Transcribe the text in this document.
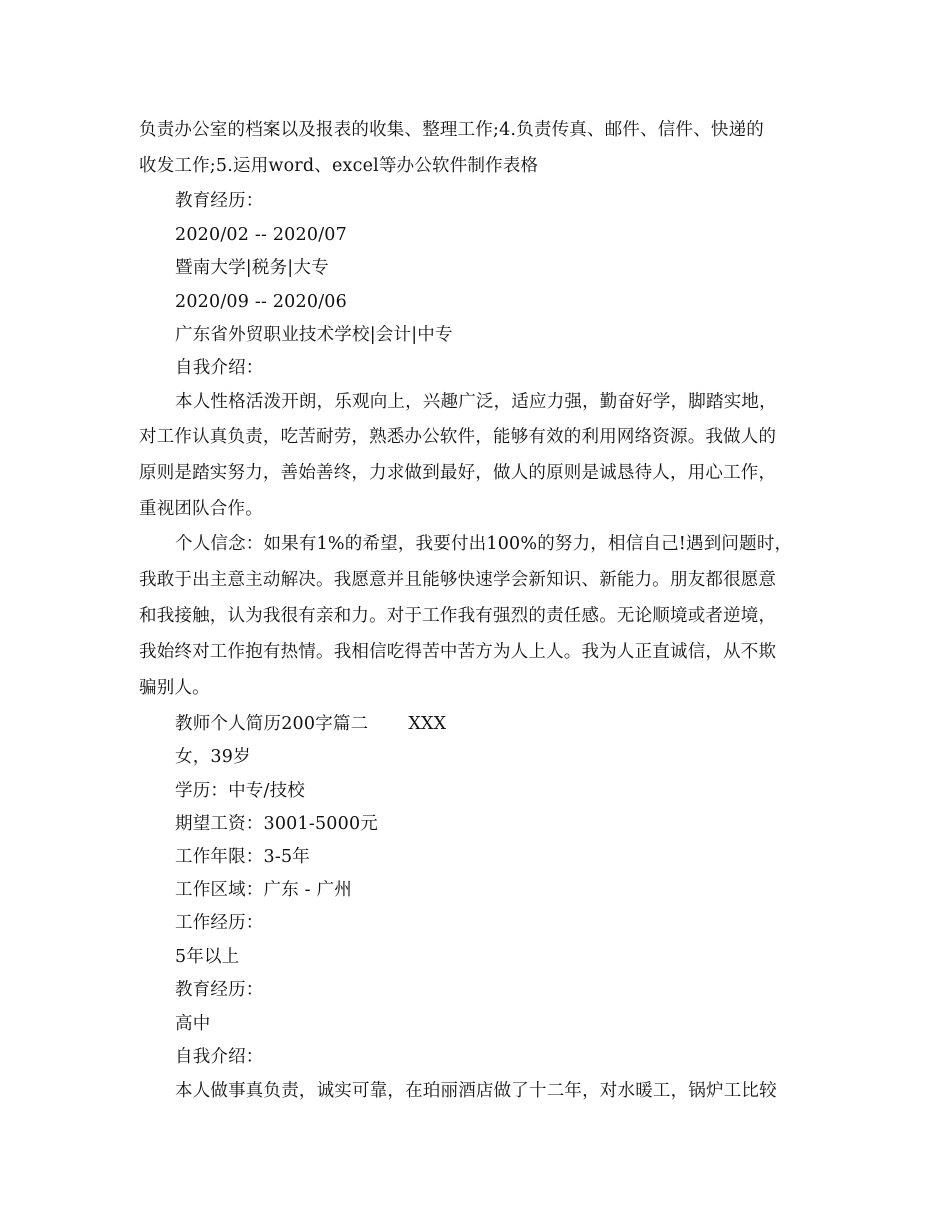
负责办公室的档案以及报表的收集、整理工作;4.负责传真、邮件、信件、快递的
收发工作;5.运用word、excel等办公软件制作表格
教育经历：
2020/02 -- 2020/07
暨南大学|税务|大专
2020/09 -- 2020/06
广东省外贸职业技术学校|会计|中专
自我介绍：
本人性格活泼开朗，乐观向上，兴趣广泛，适应力强，勤奋好学，脚踏实地，
对工作认真负责，吃苦耐劳，熟悉办公软件，能够有效的利用网络资源。我做人的
原则是踏实努力，善始善终，力求做到最好，做人的原则是诚恳待人，用心工作，
重视团队合作。
个人信念：如果有1%的希望，我要付出100%的努力，相信自己!遇到问题时，
我敢于出主意主动解决。我愿意并且能够快速学会新知识、新能力。朋友都很愿意
和我接触，认为我很有亲和力。对于工作我有强烈的责任感。无论顺境或者逆境，
我始终对工作抱有热情。我相信吃得苦中苦方为人上人。我为人正直诚信，从不欺
骗别人。
教师个人简历200字篇二 XXX
女，39岁
学历：中专/技校
期望工资：3001-5000元
工作年限：3-5年
工作区域：广东 - 广州
工作经历：
5年以上
教育经历：
高中
自我介绍：
本人做事真负责，诚实可靠，在珀丽酒店做了十二年，对水暖工，锅炉工比较
